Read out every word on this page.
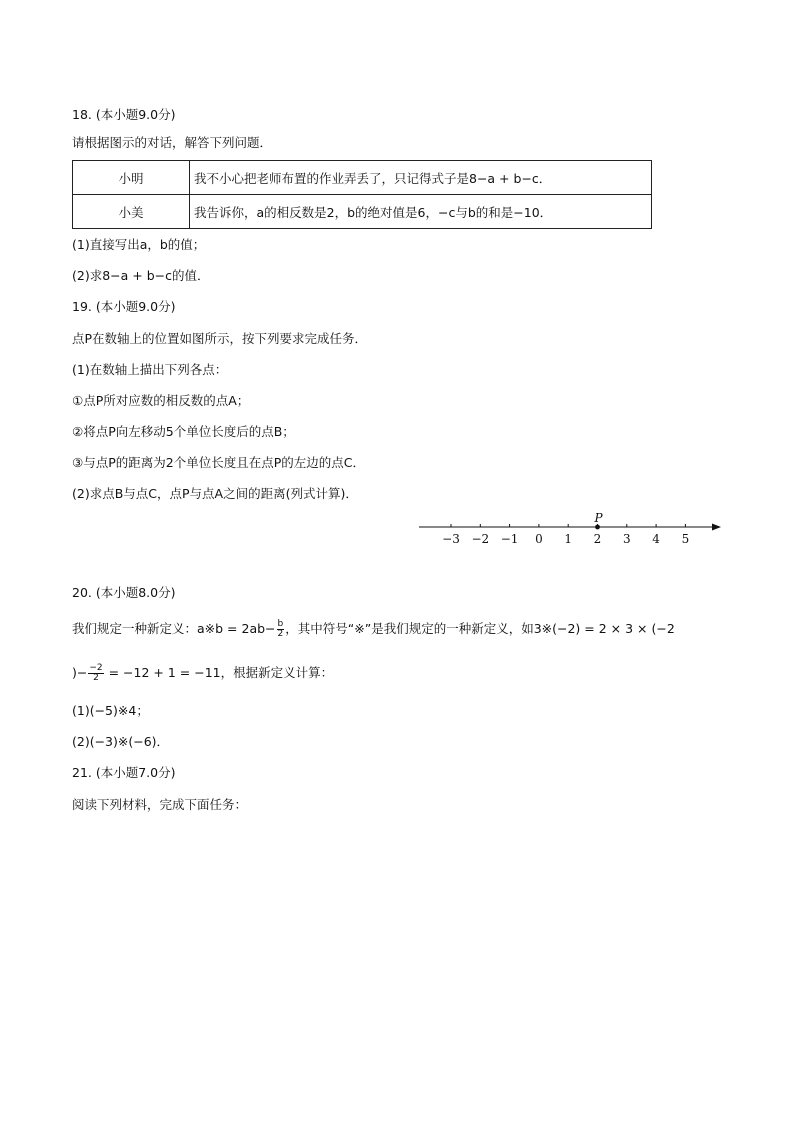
18. (本小题9.0分)
请根据图示的对话，解答下列问题．
小明	我不小心把老师布置的作业弄丢了，只记得式子是8−a + b−c．
小美	我告诉你，a的相反数是2，b的绝对值是6，−c与b的和是−10．
(1)直接写出a，b的值；
(2)求8−a + b−c的值．
19. (本小题9.0分)
点P在数轴上的位置如图所示，按下列要求完成任务．
(1)在数轴上描出下列各点：
①点P所对应数的相反数的点A；
②将点P向左移动5个单位长度后的点B；
③与点P的距离为2个单位长度且在点P的左边的点C．
(2)求点B与点C，点P与点A之间的距离(列式计算)．
−3 −2 −1 0 1 2 3 4 5
P
20. (本小题8.0分)
我们规定一种新定义：a※b = $2ab- \frac{b}{2}$ ，其中符号“※”是我们规定的一种新定义，如3※(−2) = 2 × 3 × (−2
)− $\frac{-2}{2} = -12 + 1 = -11$，根据新定义计算：
(1)(−5)※4；
(2)(−3)※(−6)．
21. (本小题7.0分)
阅读下列材料，完成下面任务：
